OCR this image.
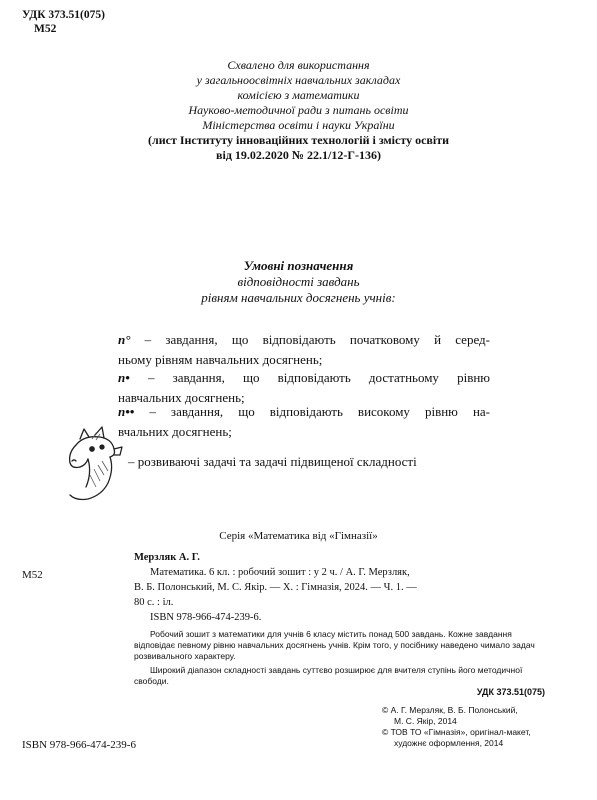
УДК 373.51(075)
М52
Схвалено для використання
у загальноосвітніх навчальних закладах
комісією з математики
Науково-методичної ради з питань освіти
Міністерства освіти і науки України
(лист Інституту інноваційних технологій і змісту освіти
від 19.02.2020 № 22.1/12-Г-136)
Умовні позначення
відповідності завдань
рівням навчальних досягнень учнів:
n° – завдання, що відповідають початковому й серед-
ньому рівням навчальних досягнень;
n• – завдання, що відповідають достатньому рівню
навчальних досягнень;
n•• – завдання, що відповідають високому рівню на-
вчальних досягнень;
– розвиваючі задачі та задачі підвищеної складності
Серія «Математика від «Гімназії»
М52
Мерзляк А. Г.
Математика. 6 кл. : робочий зошит : у 2 ч. / А. Г. Мерзляк,
В. Б. Полонський, М. С. Якір. — Х. : Гімназія, 2024. — Ч. 1. —
80 с. : іл.
ISBN 978-966-474-239-6.
Робочий зошит з математики для учнів 6 класу містить понад 500 завдань. Кожне завдання відповідає певному рівню навчальних досягнень учнів. Крім того, у посібнику наведено чимало задач розвивального характеру.
Широкий діапазон складності завдань суттєво розширює для вчителя ступінь його методичної свободи.
УДК 373.51(075)
© А. Г. Мерзляк, В. Б. Полонський,
М. С. Якір, 2014
© ТОВ ТО «Гімназія», оригінал-макет,
художнє оформлення, 2014
ISBN 978-966-474-239-6
